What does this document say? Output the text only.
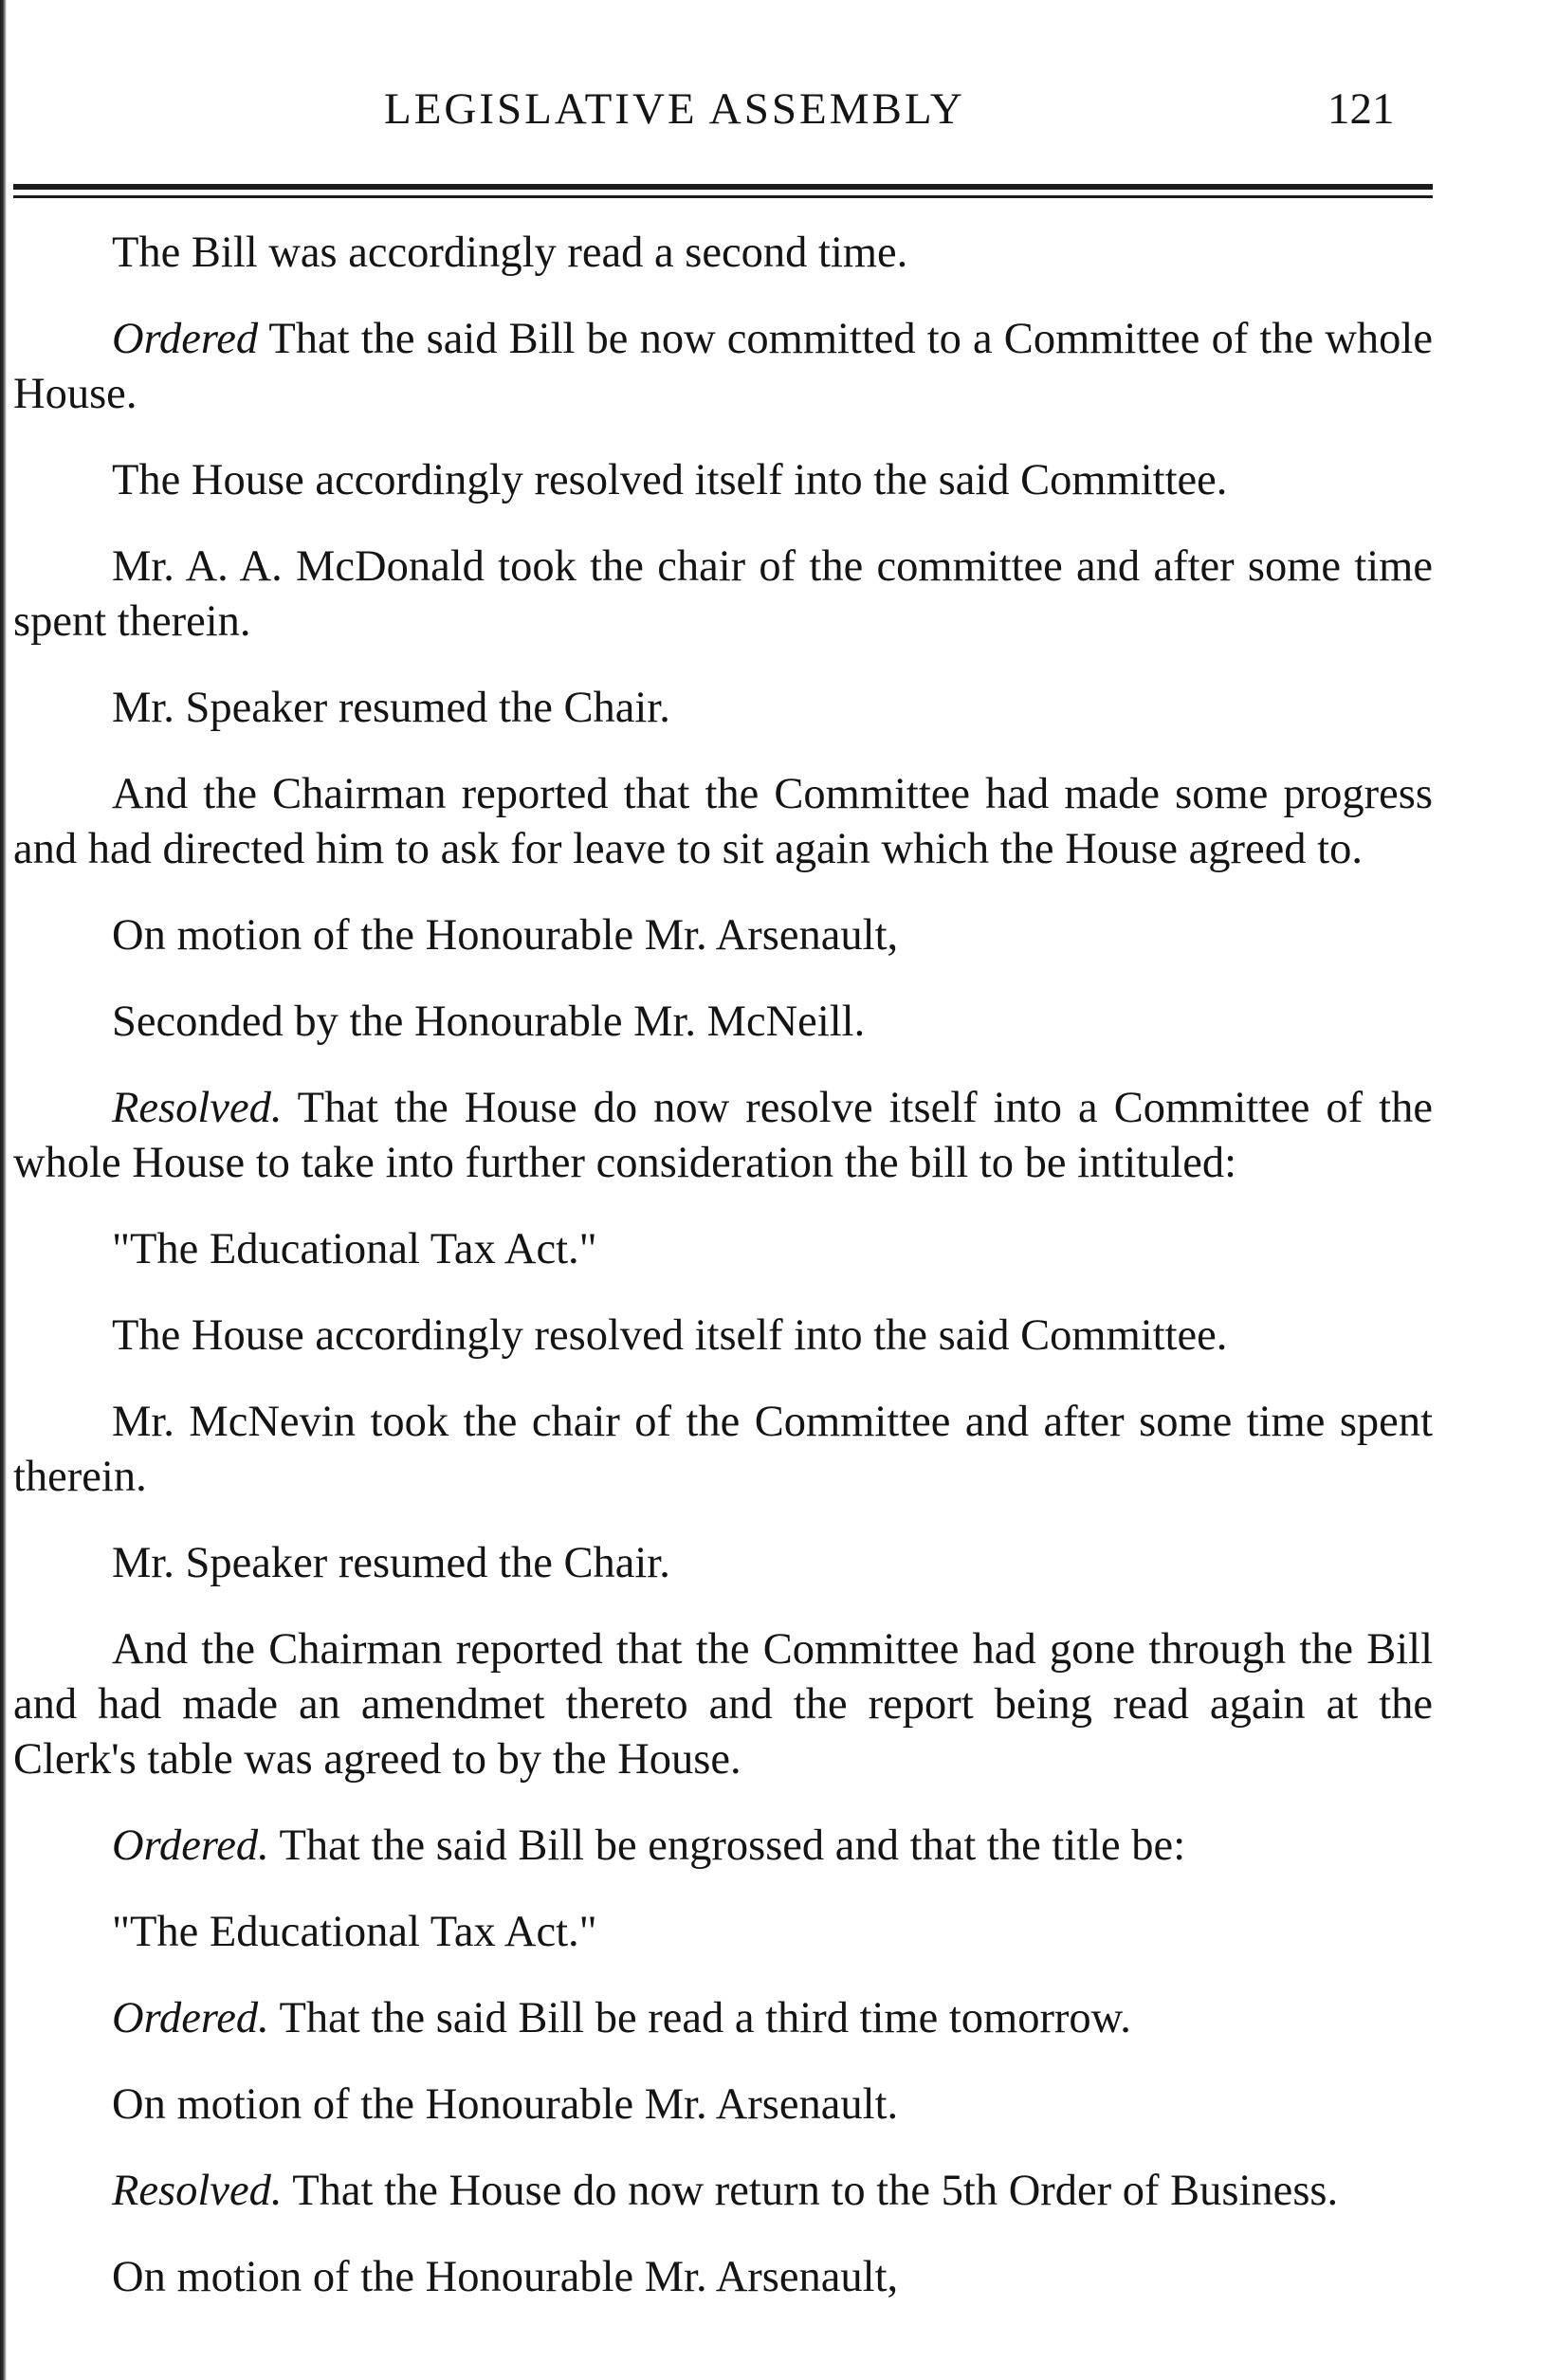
LEGISLATIVE ASSEMBLY	121

The Bill was accordingly read a second time.

Ordered That the said Bill be now committed to a Committee of the whole House.

The House accordingly resolved itself into the said Committee.

Mr. A. A. McDonald took the chair of the committee and after some time spent therein.

Mr. Speaker resumed the Chair.

And the Chairman reported that the Committee had made some progress and had directed him to ask for leave to sit again which the House agreed to.

On motion of the Honourable Mr. Arsenault,

Seconded by the Honourable Mr. McNeill.

Resolved. That the House do now resolve itself into a Committee of the whole House to take into further consideration the bill to be intituled:

"The Educational Tax Act."

The House accordingly resolved itself into the said Committee.

Mr. McNevin took the chair of the Committee and after some time spent therein.

Mr. Speaker resumed the Chair.

And the Chairman reported that the Committee had gone through the Bill and had made an amendmet thereto and the report being read again at the Clerk's table was agreed to by the House.

Ordered. That the said Bill be engrossed and that the title be:

"The Educational Tax Act."

Ordered. That the said Bill be read a third time tomorrow.

On motion of the Honourable Mr. Arsenault.

Resolved. That the House do now return to the 5th Order of Business.

On motion of the Honourable Mr. Arsenault,
